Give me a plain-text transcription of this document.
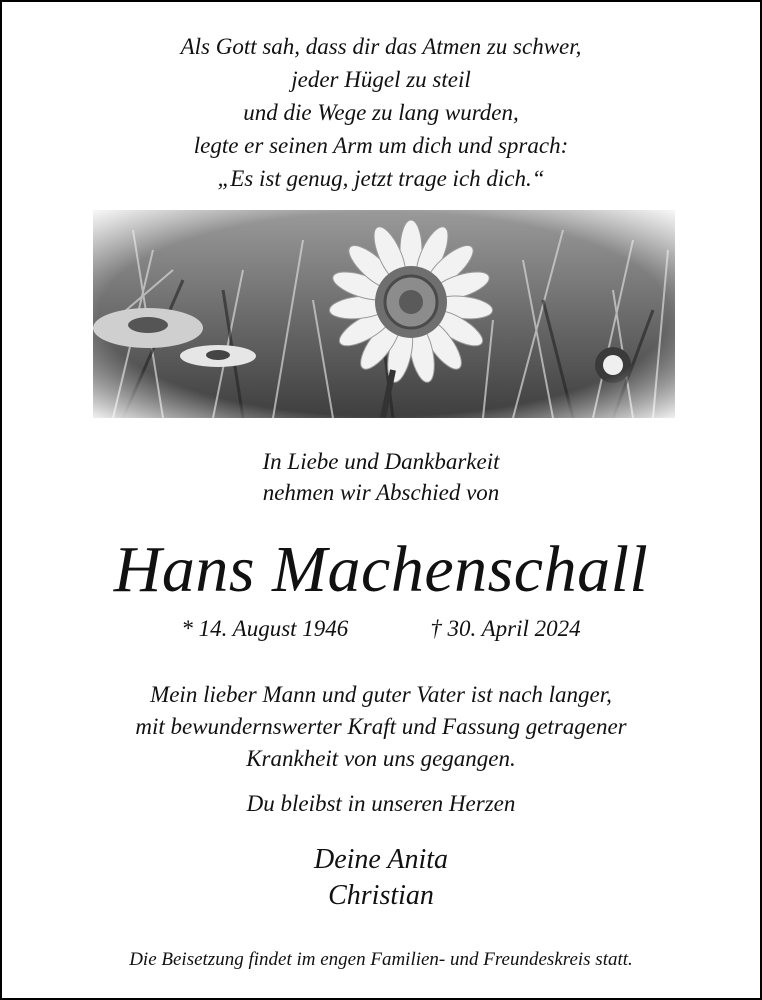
Als Gott sah, dass dir das Atmen zu schwer,
jeder Hügel zu steil
und die Wege zu lang wurden,
legte er seinen Arm um dich und sprach:
„Es ist genug, jetzt trage ich dich.“
In Liebe und Dankbarkeit
nehmen wir Abschied von
Hans Machenschall
* 14. August 1946	† 30. April 2024
Mein lieber Mann und guter Vater ist nach langer,
mit bewundernswerter Kraft und Fassung getragener
Krankheit von uns gegangen.
Du bleibst in unseren Herzen
Deine Anita
Christian
Die Beisetzung findet im engen Familien- und Freundeskreis statt.
